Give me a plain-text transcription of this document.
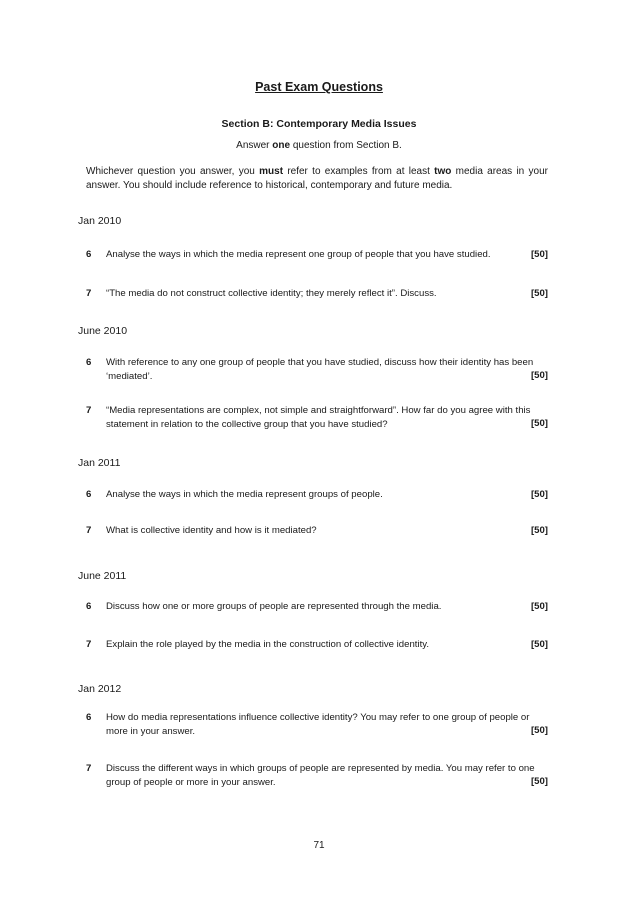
Past Exam Questions
Section B: Contemporary Media Issues
Answer one question from Section B.
Whichever question you answer, you must refer to examples from at least two media areas in your answer. You should include reference to historical, contemporary and future media.
Jan 2010
6 Analyse the ways in which the media represent one group of people that you have studied.	[50]
7 “The media do not construct collective identity; they merely reflect it”. Discuss.	[50]
June 2010
6 With reference to any one group of people that you have studied, discuss how their identity has been ‘mediated’.	[50]
7 “Media representations are complex, not simple and straightforward”. How far do you agree with this statement in relation to the collective group that you have studied?	[50]
Jan 2011
6 Analyse the ways in which the media represent groups of people.	[50]
7 What is collective identity and how is it mediated?	[50]
June 2011
6 Discuss how one or more groups of people are represented through the media.	[50]
7 Explain the role played by the media in the construction of collective identity.	[50]
Jan 2012
6 How do media representations influence collective identity? You may refer to one group of people or more in your answer.	[50]
7 Discuss the different ways in which groups of people are represented by media. You may refer to one group of people or more in your answer.	[50]
71
